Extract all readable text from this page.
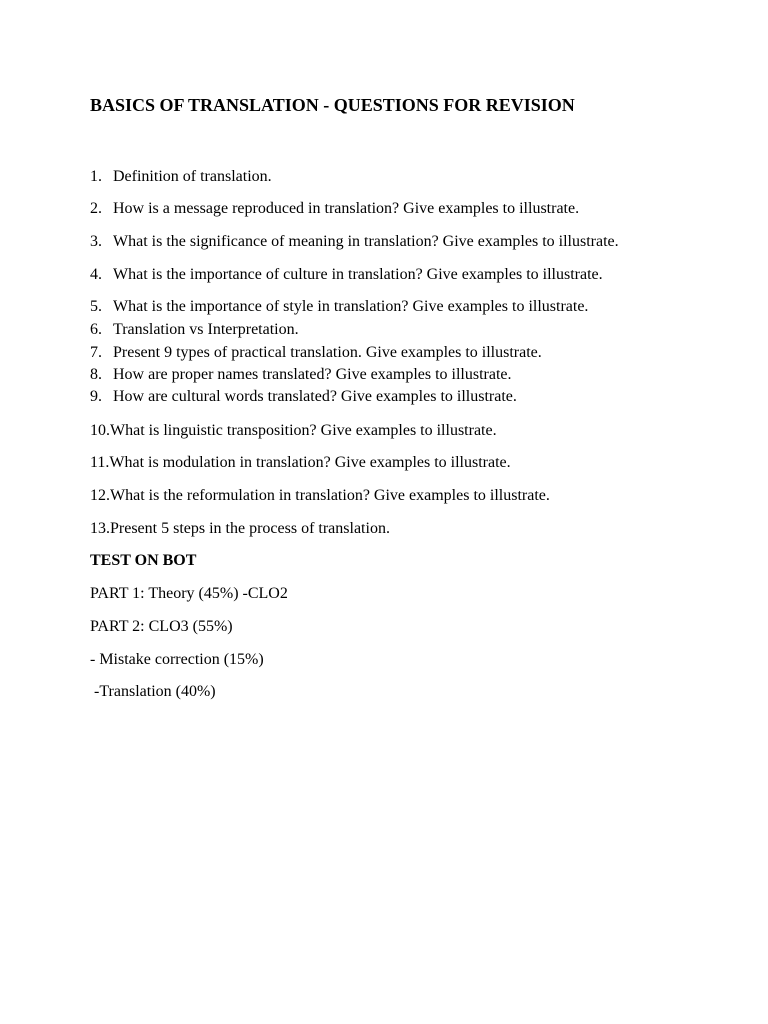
BASICS OF TRANSLATION - QUESTIONS FOR REVISION
1. Definition of translation.
2. How is a message reproduced in translation? Give examples to illustrate.
3. What is the significance of meaning in translation? Give examples to illustrate.
4. What is the importance of culture in translation? Give examples to illustrate.
5. What is the importance of style in translation? Give examples to illustrate.
6. Translation vs Interpretation.
7. Present 9 types of practical translation. Give examples to illustrate.
8. How are proper names translated? Give examples to illustrate.
9. How are cultural words translated? Give examples to illustrate.
10.What is linguistic transposition? Give examples to illustrate.
11.What is modulation in translation? Give examples to illustrate.
12.What is the reformulation in translation? Give examples to illustrate.
13.Present 5 steps in the process of translation.
TEST ON BOT
PART 1: Theory (45%) -CLO2
PART 2: CLO3 (55%)
- Mistake correction (15%)
-Translation (40%)
